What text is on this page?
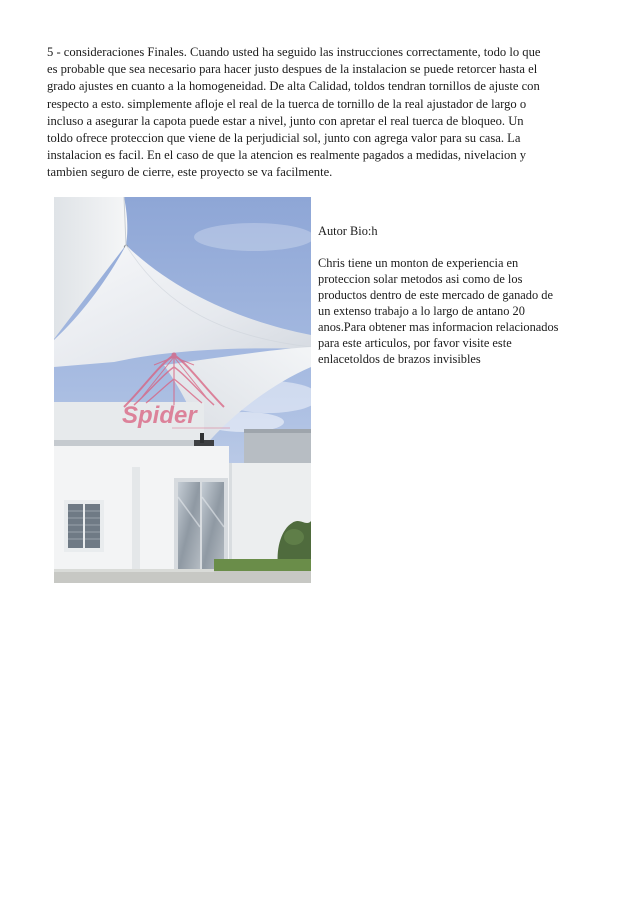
5 - consideraciones Finales. Cuando usted ha seguido las instrucciones correctamente, todo lo que
es probable que sea necesario para hacer justo despues de la instalacion se puede retorcer hasta el
grado ajustes en cuanto a la homogeneidad. De alta Calidad, toldos tendran tornillos de ajuste con
respecto a esto. simplemente afloje el real de la tuerca de tornillo de la real ajustador de largo o
incluso a asegurar la capota puede estar a nivel, junto con apretar el real tuerca de bloqueo. Un
toldo ofrece proteccion que viene de la perjudicial sol, junto con agrega valor para su casa. La
instalacion es facil. En el caso de que la atencion es realmente pagados a medidas, nivelacion y
tambien seguro de cierre, este proyecto se va facilmente.
Spider
Autor Bio:h
Chris tiene un monton de experiencia en
proteccion solar metodos asi como de los
productos dentro de este mercado de ganado de
un extenso trabajo a lo largo de antano 20
anos.Para obtener mas informacion relacionados
para este articulos, por favor visite este
enlacetoldos de brazos invisibles
